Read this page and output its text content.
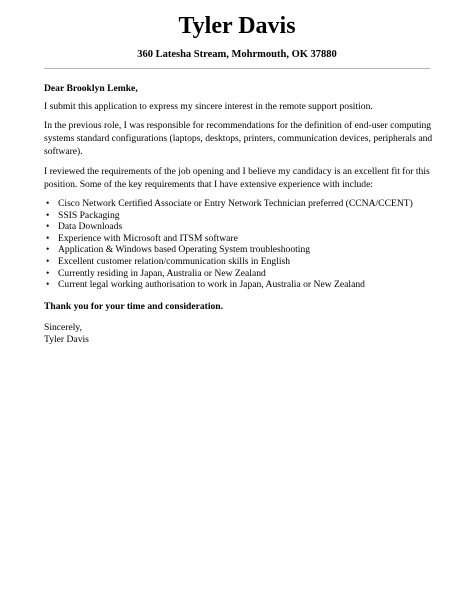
Tyler Davis
360 Latesha Stream, Mohrmouth, OK 37880
Dear Brooklyn Lemke,
I submit this application to express my sincere interest in the remote support position.
In the previous role, I was responsible for recommendations for the definition of end-user computing systems standard configurations (laptops, desktops, printers, communication devices, peripherals and software).
I reviewed the requirements of the job opening and I believe my candidacy is an excellent fit for this position. Some of the key requirements that I have extensive experience with include:
• Cisco Network Certified Associate or Entry Network Technician preferred (CCNA/CCENT)
• SSIS Packaging
• Data Downloads
• Experience with Microsoft and ITSM software
• Application & Windows based Operating System troubleshooting
• Excellent customer relation/communication skills in English
• Currently residing in Japan, Australia or New Zealand
• Current legal working authorisation to work in Japan, Australia or New Zealand
Thank you for your time and consideration.
Sincerely,
Tyler Davis
